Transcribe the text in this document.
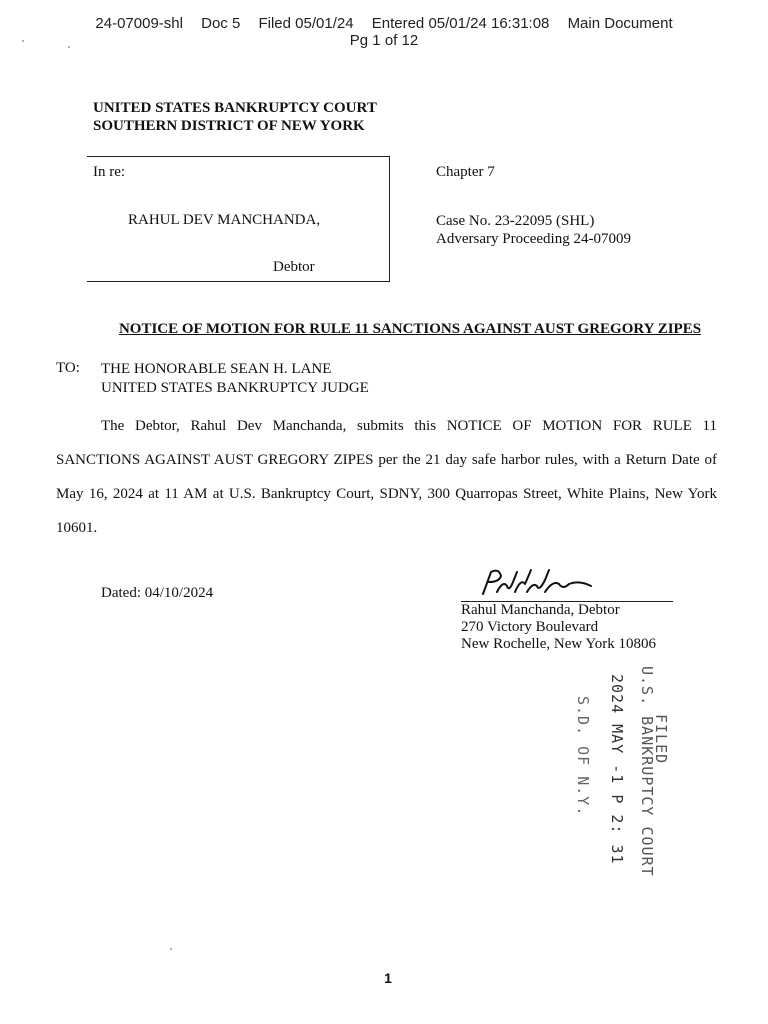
24-07009-shl Doc 5 Filed 05/01/24 Entered 05/01/24 16:31:08 Main Document
Pg 1 of 12
UNITED STATES BANKRUPTCY COURT
SOUTHERN DISTRICT OF NEW YORK
In re:
RAHUL DEV MANCHANDA,
Debtor
Chapter 7
Case No. 23-22095 (SHL)
Adversary Proceeding 24-07009
NOTICE OF MOTION FOR RULE 11 SANCTIONS AGAINST AUST GREGORY ZIPES
TO: THE HONORABLE SEAN H. LANE
UNITED STATES BANKRUPTCY JUDGE
The Debtor, Rahul Dev Manchanda, submits this NOTICE OF MOTION FOR RULE 11
SANCTIONS AGAINST AUST GREGORY ZIPES per the 21 day safe harbor rules, with a Return Date of
May 16, 2024 at 11 AM at U.S. Bankruptcy Court, SDNY, 300 Quarropas Street, White Plains, New York
10601.
Dated: 04/10/2024
Rahul Manchanda, Debtor
270 Victory Boulevard
New Rochelle, New York 10806
FILED
U.S. BANKRUPTCY COURT
2024 MAY -1 P 2: 31
S.D. OF N.Y.
1
